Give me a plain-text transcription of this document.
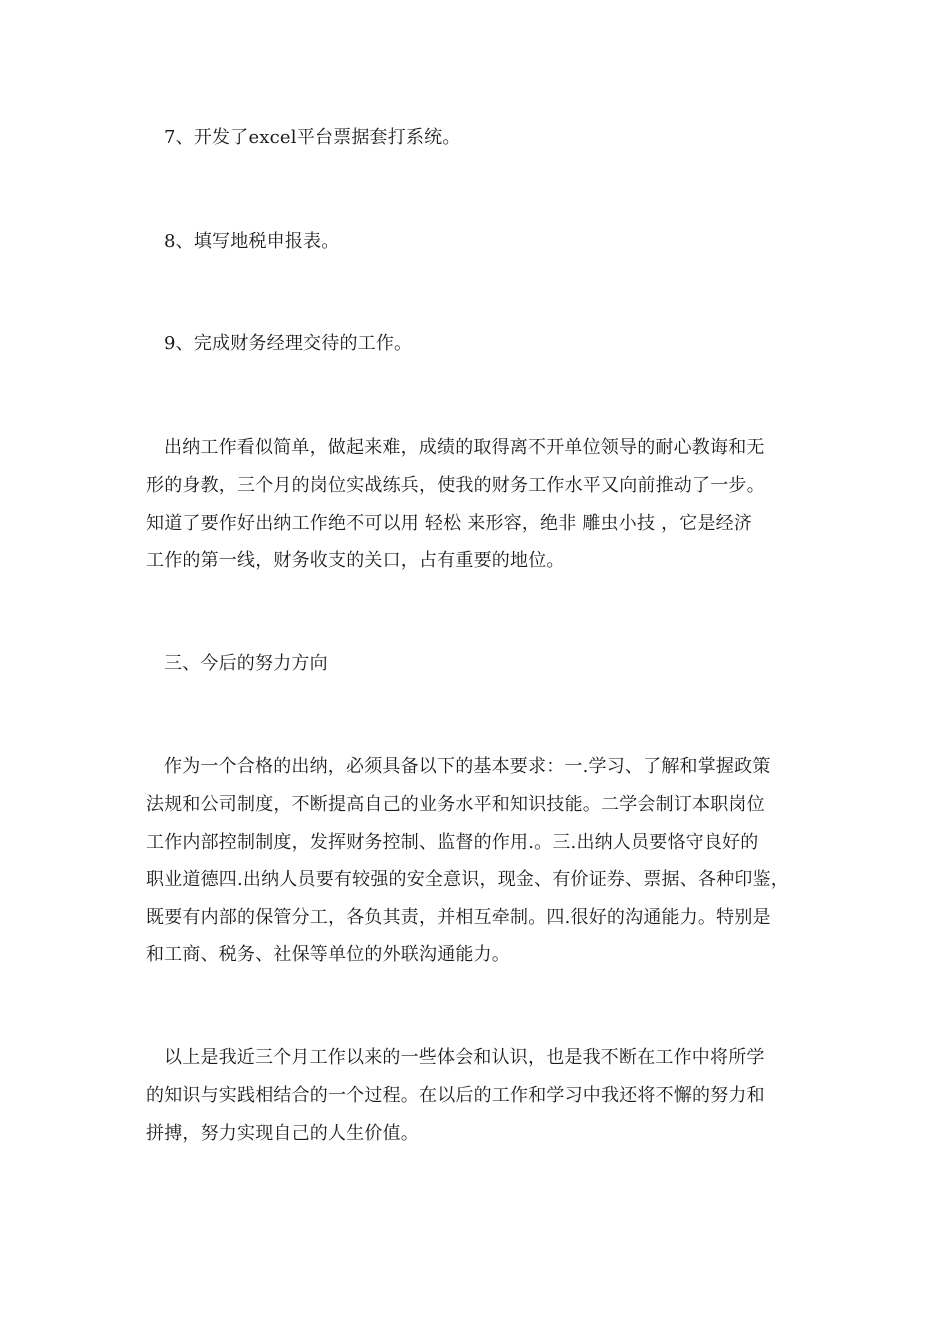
7、开发了excel平台票据套打系统。
8、填写地税申报表。
9、完成财务经理交待的工作。
出纳工作看似简单，做起来难，成绩的取得离不开单位领导的耐心教诲和无
形的身教，三个月的岗位实战练兵，使我的财务工作水平又向前推动了一步。
知道了要作好出纳工作绝不可以用 轻松 来形容，绝非 雕虫小技 ，它是经济
工作的第一线，财务收支的关口，占有重要的地位。
三、今后的努力方向
作为一个合格的出纳，必须具备以下的基本要求：一.学习、了解和掌握政策
法规和公司制度，不断提高自己的业务水平和知识技能。二学会制订本职岗位
工作内部控制制度，发挥财务控制、监督的作用.。三.出纳人员要恪守良好的
职业道德四.出纳人员要有较强的安全意识，现金、有价证券、票据、各种印鉴，
既要有内部的保管分工，各负其责，并相互牵制。四.很好的沟通能力。特别是
和工商、税务、社保等单位的外联沟通能力。
以上是我近三个月工作以来的一些体会和认识，也是我不断在工作中将所学
的知识与实践相结合的一个过程。在以后的工作和学习中我还将不懈的努力和
拼搏，努力实现自己的人生价值。
